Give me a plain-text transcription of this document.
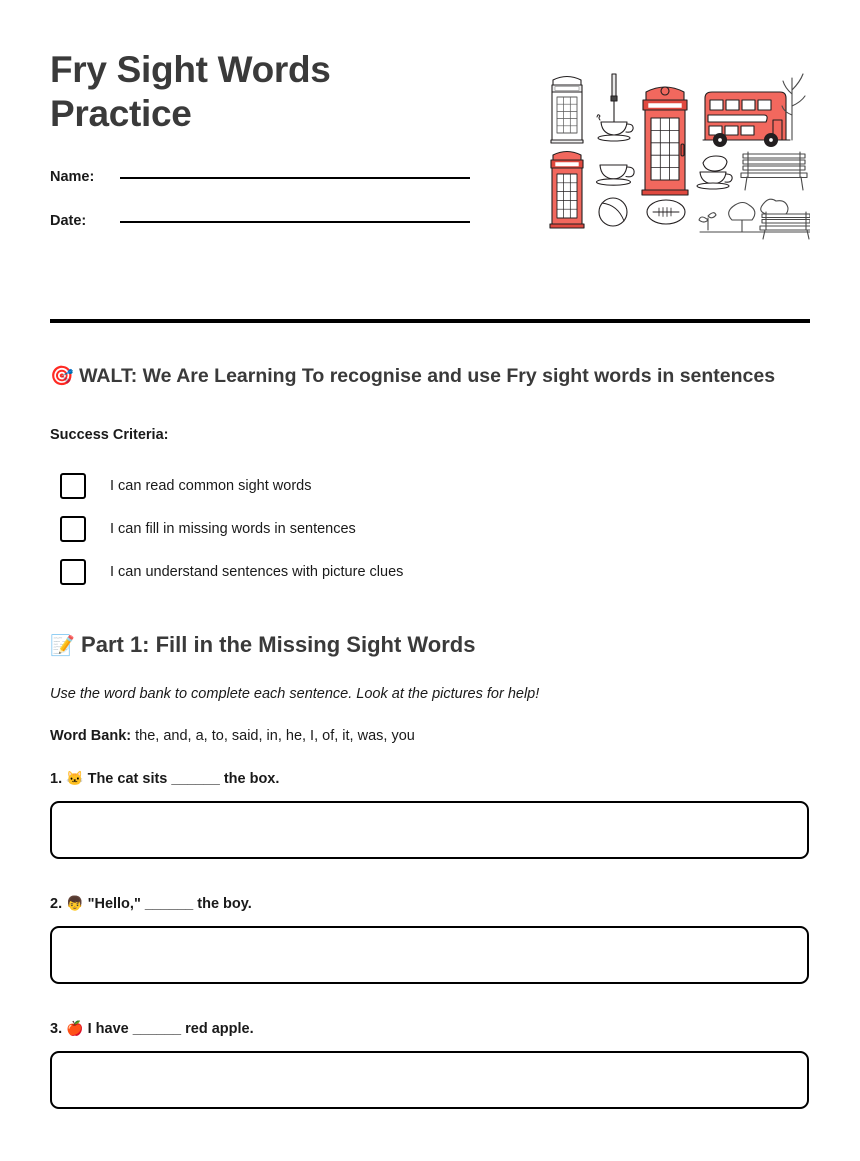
Fry Sight Words Practice
Name:
Date:

🎯 WALT: We Are Learning To recognise and use Fry sight words in sentences

Success Criteria:

I can read common sight words
I can fill in missing words in sentences
I can understand sentences with picture clues
📝 Part 1: Fill in the Missing Sight Words

Use the word bank to complete each sentence. Look at the pictures for help!

Word Bank: the, and, a, to, said, in, he, I, of, it, was, you

1. 🐱 The cat sits ______ the box.

2. 👦 "Hello," ______ the boy.

3. 🍎 I have ______ red apple.
